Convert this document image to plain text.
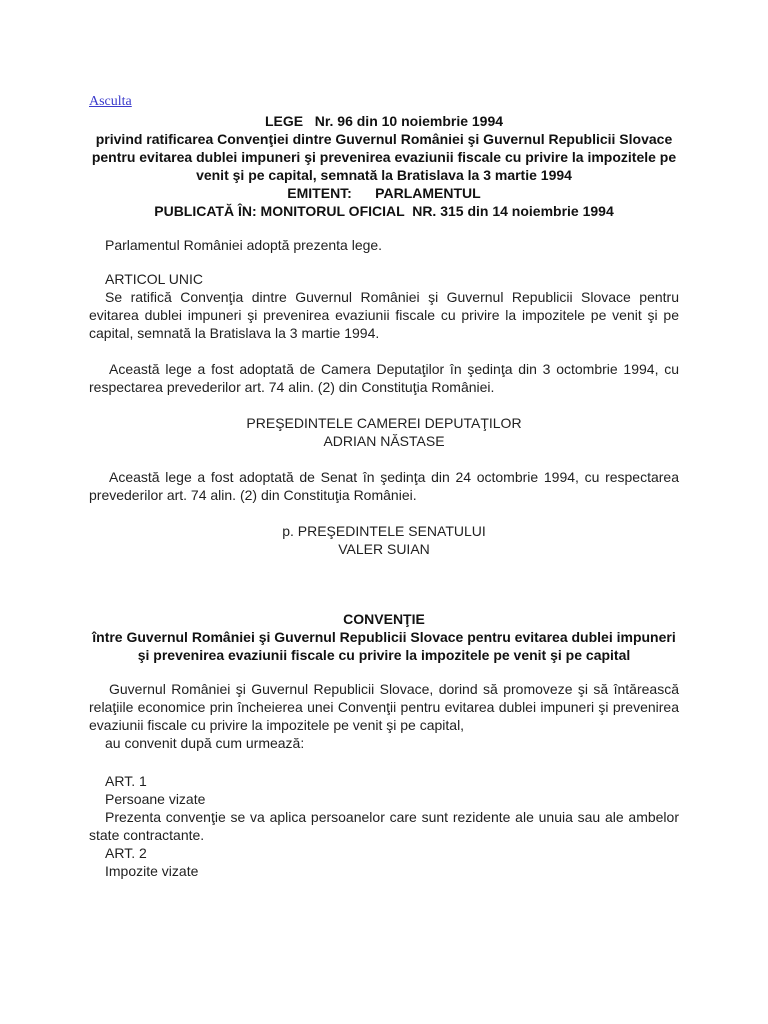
Asculta
LEGE   Nr. 96 din 10 noiembrie 1994
privind ratificarea Convenţiei dintre Guvernul României şi Guvernul Republicii Slovace pentru evitarea dublei impuneri şi prevenirea evaziunii fiscale cu privire la impozitele pe venit şi pe capital, semnată la Bratislava la 3 martie 1994
EMITENT:      PARLAMENTUL
PUBLICATĂ ÎN: MONITORUL OFICIAL  NR. 315 din 14 noiembrie 1994
Parlamentul României adoptă prezenta lege.
ARTICOL UNIC
Se ratifică Convenţia dintre Guvernul României şi Guvernul Republicii Slovace pentru evitarea dublei impuneri şi prevenirea evaziunii fiscale cu privire la impozitele pe venit şi pe capital, semnată la Bratislava la 3 martie 1994.
Această lege a fost adoptată de Camera Deputaţilor în şedinţa din 3 octombrie 1994, cu respectarea prevederilor art. 74 alin. (2) din Constituţia României.
PREŞEDINTELE CAMEREI DEPUTAŢILOR
ADRIAN NĂSTASE
Această lege a fost adoptată de Senat în şedinţa din 24 octombrie 1994, cu respectarea prevederilor art. 74 alin. (2) din Constituţia României.
p. PREŞEDINTELE SENATULUI
VALER SUIAN
CONVENŢIE
între Guvernul României şi Guvernul Republicii Slovace pentru evitarea dublei impuneri şi prevenirea evaziunii fiscale cu privire la impozitele pe venit şi pe capital
Guvernul României şi Guvernul Republicii Slovace, dorind să promoveze şi să întărească relaţiile economice prin încheierea unei Convenţii pentru evitarea dublei impuneri şi prevenirea evaziunii fiscale cu privire la impozitele pe venit şi pe capital,
au convenit după cum urmează:
ART. 1
Persoane vizate
Prezenta convenţie se va aplica persoanelor care sunt rezidente ale unuia sau ale ambelor state contractante.
ART. 2
Impozite vizate
